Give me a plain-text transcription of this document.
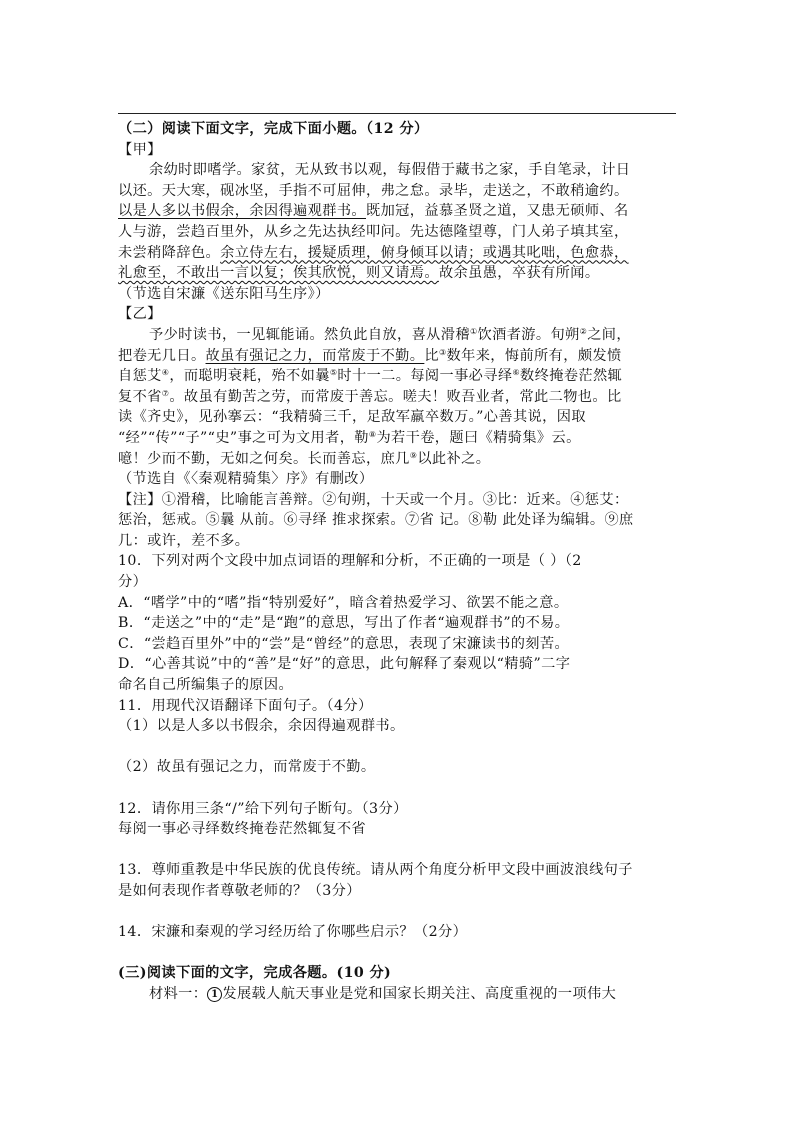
（二）阅读下面文字，完成下面小题。（12 分）
【甲】
余幼时即嗜学。家贫，无从致书以观，每假借于藏书之家，手自笔录，计日
以还。天大寒，砚冰坚，手指不可屈伸，弗之怠。录毕，走送之，不敢稍逾约。
以是人多以书假余，余因得遍观群书。既加冠，益慕圣贤之道，又患无硕师、名
人与游，尝趋百里外，从乡之先达执经叩问。先达德隆望尊，门人弟子填其室，
未尝稍降辞色。余立侍左右，援疑质理，俯身倾耳以请；或遇其叱咄，色愈恭，
礼愈至，不敢出一言以复；俟其欣悦，则又请焉。故余虽愚，卒获有所闻。
（节选自宋濂《送东阳马生序》）
【乙】
予少时读书，一见辄能诵。然负此自放，喜从滑稽①饮酒者游。旬朔②之间，
把卷无几日。故虽有强记之力，而常废于不勤。比③数年来，悔前所有，颇发愤
自惩艾④，而聪明衰耗，殆不如曩⑤时十一二。每阅一事必寻绎⑥数终掩卷茫然辄
复不省⑦。故虽有勤苦之劳，而常废于善忘。嗟夫！败吾业者，常此二物也。比
读《齐史》，见孙搴云：“我精骑三千，足敌军羸卒数万。”心善其说，因取
“经”“传”“子”“史”事之可为文用者，勒⑧为若干卷，题曰《精骑集》云。
噫！少而不勤，无如之何矣。长而善忘，庶几⑨以此补之。
（节选自《〈秦观精骑集〉序》有删改）
【注】①滑稽，比喻能言善辩。②旬朔，十天或一个月。③比：近来。④惩艾：
惩治，惩戒。⑤曩 从前。⑥寻绎 推求探索。⑦省 记。⑧勒 此处译为编辑。⑨庶
几：或许，差不多。
10．下列对两个文段中加点词语的理解和分析，不正确的一项是（ ）（2
分）
A．“嗜学”中的“嗜”指“特别爱好”，暗含着热爱学习、欲罢不能之意。
B．“走送之”中的“走”是“跑”的意思，写出了作者“遍观群书”的不易。
C．“尝趋百里外”中的“尝”是“曾经”的意思，表现了宋濂读书的刻苦。
D．“心善其说”中的“善”是“好”的意思，此句解释了秦观以“精骑”二字
命名自己所编集子的原因。
11．用现代汉语翻译下面句子。（4分）
（1）以是人多以书假余，余因得遍观群书。
（2）故虽有强记之力，而常废于不勤。
12．请你用三条“/”给下列句子断句。（3分）
每阅一事必寻绎数终掩卷茫然辄复不省
13．尊师重教是中华民族的优良传统。请从两个角度分析甲文段中画波浪线句子
是如何表现作者尊敬老师的？（3分）
14．宋濂和秦观的学习经历给了你哪些启示？（2分）
(三)阅读下面的文字，完成各题。(10 分)
材料一： 1 发展载人航天事业是党和国家长期关注、高度重视的一项伟大
